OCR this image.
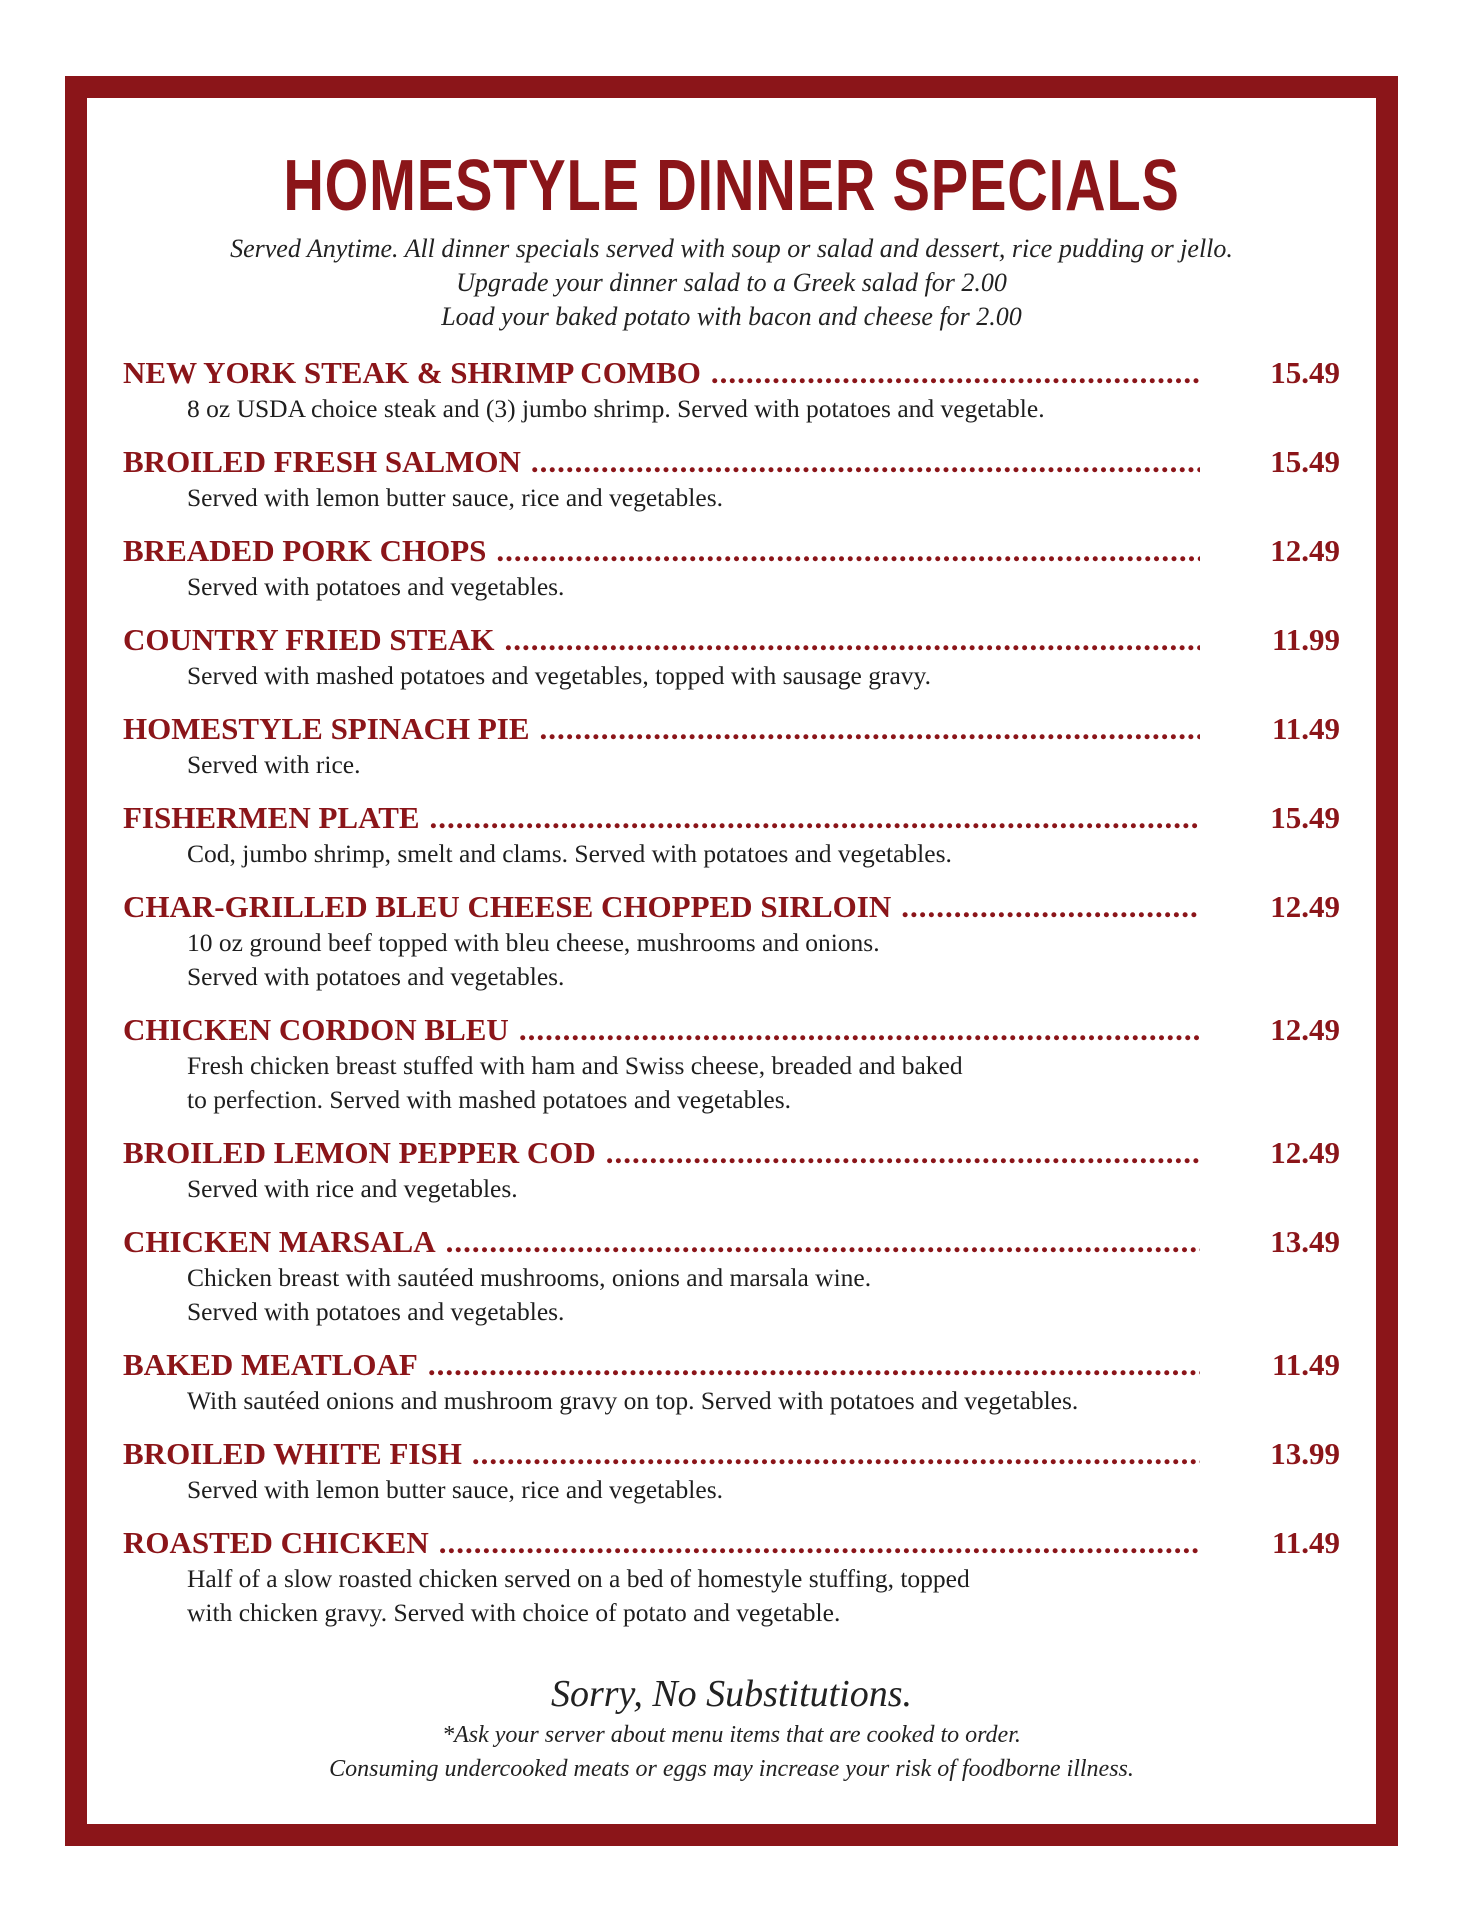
HOMESTYLE DINNER SPECIALS
Served Anytime. All dinner specials served with soup or salad and dessert, rice pudding or jello.
Upgrade your dinner salad to a Greek salad for 2.00
Load your baked potato with bacon and cheese for 2.00
NEW YORK STEAK & SHRIMP COMBO .....	15.49
8 oz USDA choice steak and (3) jumbo shrimp. Served with potatoes and vegetable.
BROILED FRESH SALMON .....	15.49
Served with lemon butter sauce, rice and vegetables.
BREADED PORK CHOPS .....	12.49
Served with potatoes and vegetables.
COUNTRY FRIED STEAK .....	11.99
Served with mashed potatoes and vegetables, topped with sausage gravy.
HOMESTYLE SPINACH PIE .....	11.49
Served with rice.
FISHERMEN PLATE .....	15.49
Cod, jumbo shrimp, smelt and clams. Served with potatoes and vegetables.
CHAR-GRILLED BLEU CHEESE CHOPPED SIRLOIN .....	12.49
10 oz ground beef topped with bleu cheese, mushrooms and onions.
Served with potatoes and vegetables.
CHICKEN CORDON BLEU .....	12.49
Fresh chicken breast stuffed with ham and Swiss cheese, breaded and baked
to perfection. Served with mashed potatoes and vegetables.
BROILED LEMON PEPPER COD .....	12.49
Served with rice and vegetables.
CHICKEN MARSALA .....	13.49
Chicken breast with sautéed mushrooms, onions and marsala wine.
Served with potatoes and vegetables.
BAKED MEATLOAF .....	11.49
With sautéed onions and mushroom gravy on top. Served with potatoes and vegetables.
BROILED WHITE FISH .....	13.99
Served with lemon butter sauce, rice and vegetables.
ROASTED CHICKEN .....	11.49
Half of a slow roasted chicken served on a bed of homestyle stuffing, topped
with chicken gravy. Served with choice of potato and vegetable.
Sorry, No Substitutions.
*Ask your server about menu items that are cooked to order.
Consuming undercooked meats or eggs may increase your risk of foodborne illness.
